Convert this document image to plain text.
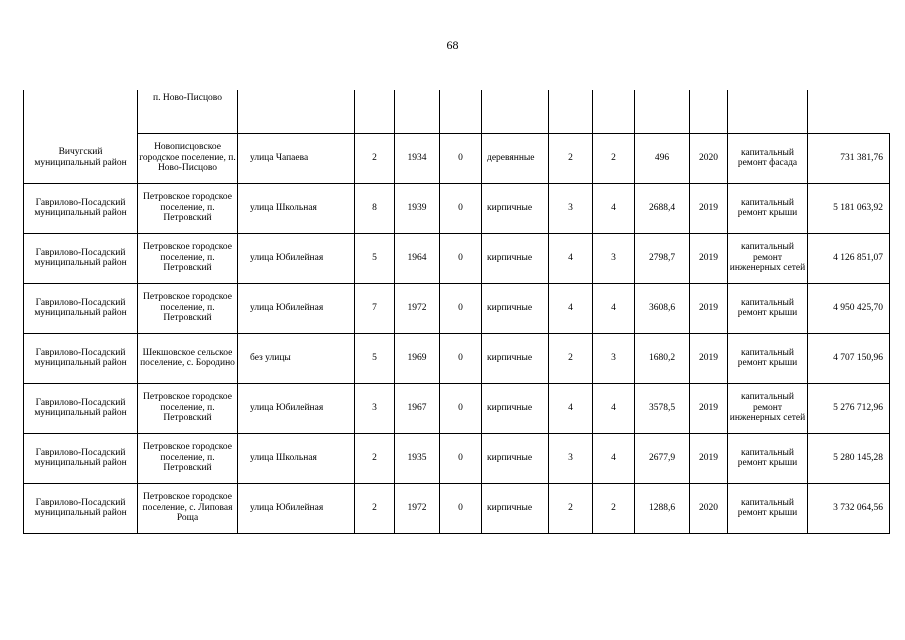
68
	п. Ново-Писцово											
Вичугский муниципальный район	Новописцовское городское поселение, п. Ново-Писцово	улица Чапаева	2	1934	0	деревянные	2	2	496	2020	капитальный ремонт фасада	731 381,76
Гаврилово-Посадский муниципальный район	Петровское городское поселение, п. Петровский	улица Школьная	8	1939	0	кирпичные	3	4	2688,4	2019	капитальный ремонт крыши	5 181 063,92
Гаврилово-Посадский муниципальный район	Петровское городское поселение, п. Петровский	улица Юбилейная	5	1964	0	кирпичные	4	3	2798,7	2019	капитальный ремонт инженерных сетей	4 126 851,07
Гаврилово-Посадский муниципальный район	Петровское городское поселение, п. Петровский	улица Юбилейная	7	1972	0	кирпичные	4	4	3608,6	2019	капитальный ремонт крыши	4 950 425,70
Гаврилово-Посадский муниципальный район	Шекшовское сельское поселение, с. Бородино	без улицы	5	1969	0	кирпичные	2	3	1680,2	2019	капитальный ремонт крыши	4 707 150,96
Гаврилово-Посадский муниципальный район	Петровское городское поселение, п. Петровский	улица Юбилейная	3	1967	0	кирпичные	4	4	3578,5	2019	капитальный ремонт инженерных сетей	5 276 712,96
Гаврилово-Посадский муниципальный район	Петровское городское поселение, п. Петровский	улица Школьная	2	1935	0	кирпичные	3	4	2677,9	2019	капитальный ремонт крыши	5 280 145,28
Гаврилово-Посадский муниципальный район	Петровское городское поселение, с. Липовая Роща	улица Юбилейная	2	1972	0	кирпичные	2	2	1288,6	2020	капитальный ремонт крыши	3 732 064,56
